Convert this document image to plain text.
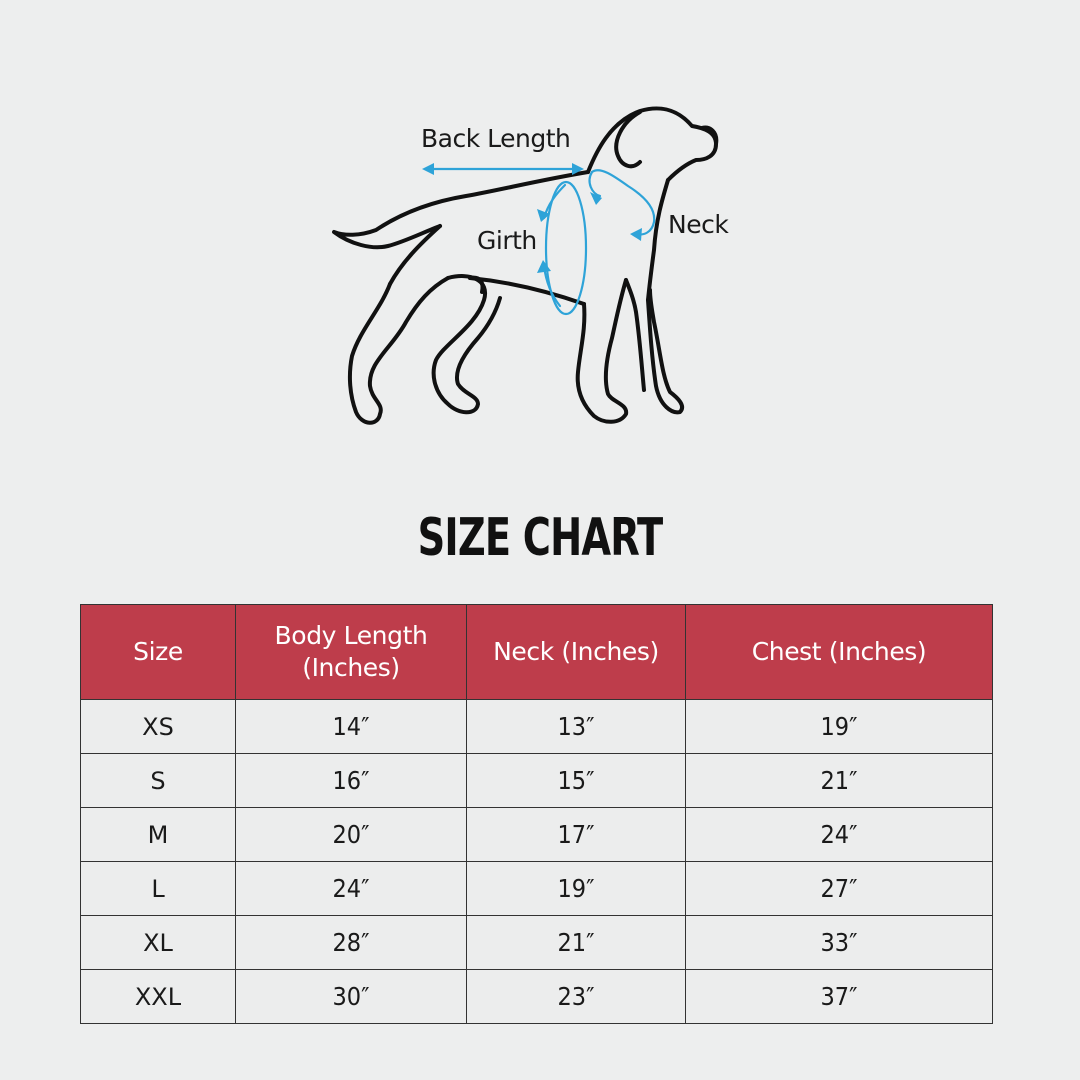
Back Length
Girth
Neck
SIZE CHART
Size	Body Length (Inches)	Neck (Inches)	Chest (Inches)
XS	14″	13″	19″
S	16″	15″	21″
M	20″	17″	24″
L	24″	19″	27″
XL	28″	21″	33″
XXL	30″	23″	37″
